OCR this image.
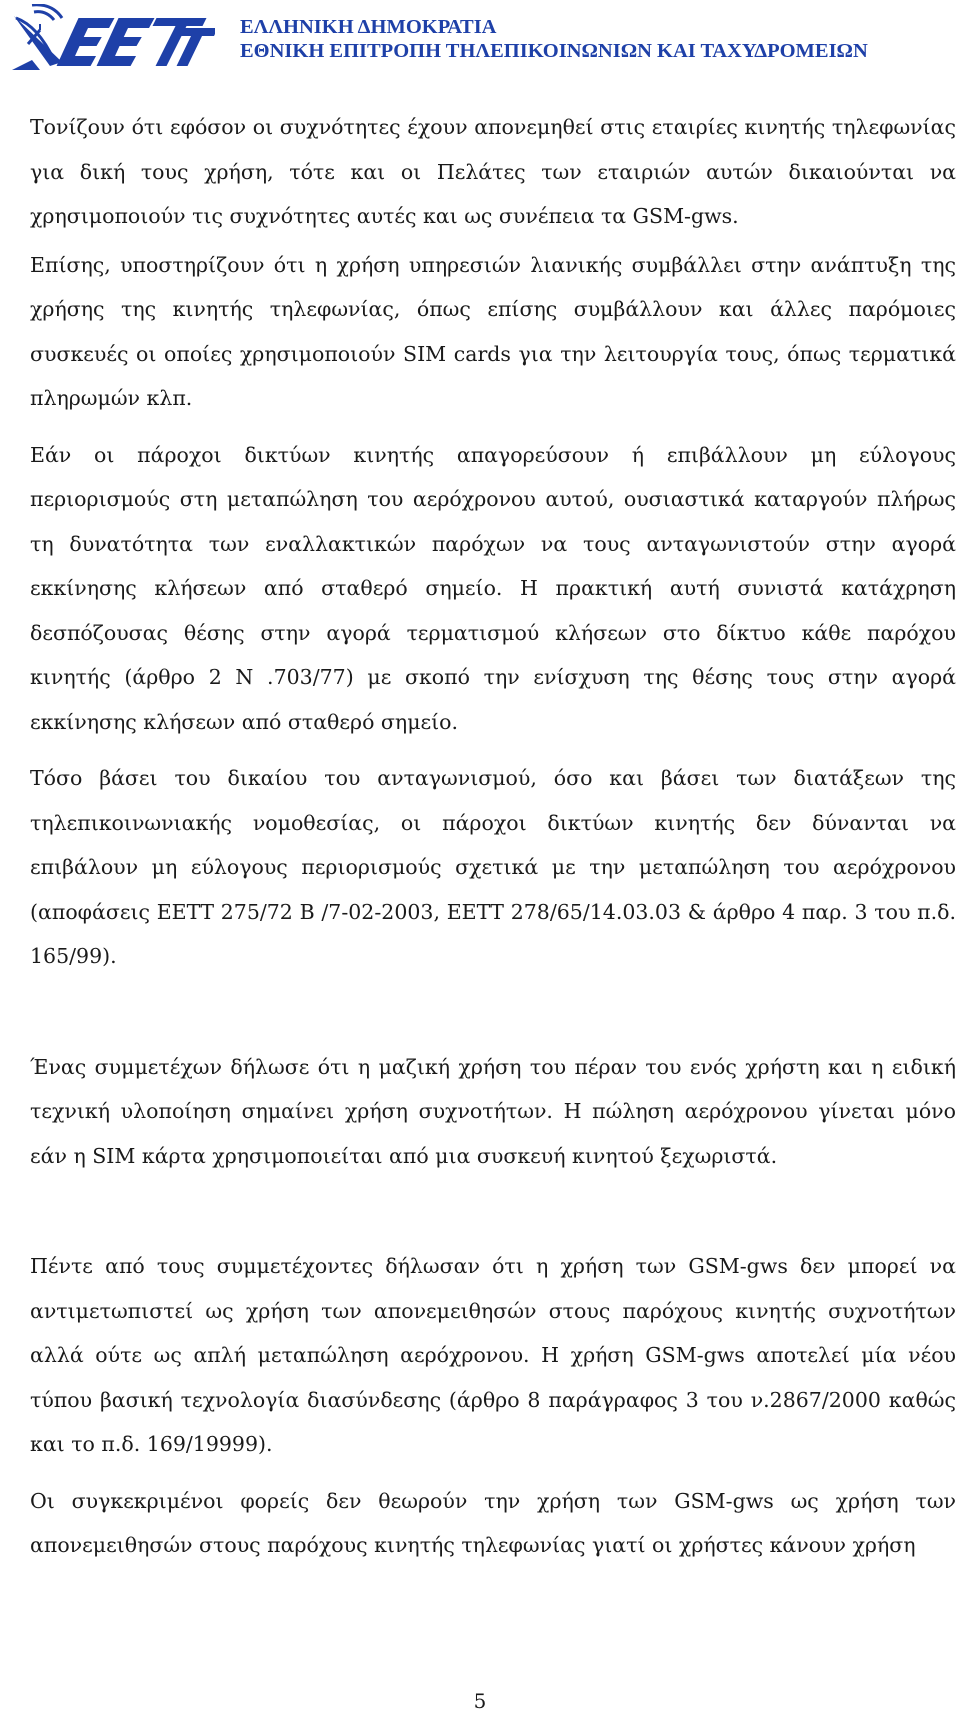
ΕΛΛΗΝΙΚΗ ΔΗΜΟΚΡΑΤΙΑ
ΕΘΝΙΚΗ ΕΠΙΤΡΟΠΗ ΤΗΛΕΠΙΚΟΙΝΩΝΙΩΝ ΚΑΙ ΤΑΧΥΔΡΟΜΕΙΩΝ

Τονίζουν ότι εφόσον οι συχνότητες έχουν απονεμηθεί στις εταιρίες κινητής τηλεφωνίας για δική τους χρήση, τότε και οι Πελάτες των εταιριών αυτών δικαιούνται να χρησιμοποιούν τις συχνότητες αυτές και ως συνέπεια τα GSM-gws.

Επίσης, υποστηρίζουν ότι η χρήση υπηρεσιών λιανικής συμβάλλει στην ανάπτυξη της χρήσης της κινητής τηλεφωνίας, όπως επίσης συμβάλλουν και άλλες παρόμοιες συσκευές οι οποίες χρησιμοποιούν SIM cards για την λειτουργία τους, όπως τερματικά πληρωμών κλπ.

Εάν οι πάροχοι δικτύων κινητής απαγορεύσουν ή επιβάλλουν μη εύλογους περιορισμούς στη μεταπώληση του αερόχρονου αυτού, ουσιαστικά καταργούν πλήρως τη δυνατότητα των εναλλακτικών παρόχων να τους ανταγωνιστούν στην αγορά εκκίνησης κλήσεων από σταθερό σημείο. Η πρακτική αυτή συνιστά κατάχρηση δεσπόζουσας θέσης στην αγορά τερματισμού κλήσεων στο δίκτυο κάθε παρόχου κινητής (άρθρο 2 Ν .703/77) με σκοπό την ενίσχυση της θέσης τους στην αγορά εκκίνησης κλήσεων από σταθερό σημείο.

Τόσο βάσει του δικαίου του ανταγωνισμού, όσο και βάσει των διατάξεων της τηλεπικοινωνιακής νομοθεσίας, οι πάροχοι δικτύων κινητής δεν δύνανται να επιβάλουν μη εύλογους περιορισμούς σχετικά με την μεταπώληση του αερόχρονου (αποφάσεις ΕΕΤΤ 275/72 Β /7-02-2003, ΕΕΤΤ 278/65/14.03.03 & άρθρο 4 παρ. 3 του π.δ. 165/99).

Ένας συμμετέχων δήλωσε ότι η μαζική χρήση του πέραν του ενός χρήστη και η ειδική τεχνική υλοποίηση σημαίνει χρήση συχνοτήτων. Η πώληση αερόχρονου γίνεται μόνο εάν η SIM κάρτα χρησιμοποιείται από μια συσκευή κινητού ξεχωριστά.

Πέντε από τους συμμετέχοντες δήλωσαν ότι η χρήση των GSM-gws δεν μπορεί να αντιμετωπιστεί ως χρήση των απονεμειθησών στους παρόχους κινητής συχνοτήτων αλλά ούτε ως απλή μεταπώληση αερόχρονου. Η χρήση GSM-gws αποτελεί μία νέου τύπου βασική τεχνολογία διασύνδεσης (άρθρο 8 παράγραφος 3 του ν.2867/2000 καθώς και το π.δ. 169/19999).

Οι συγκεκριμένοι φορείς δεν θεωρούν την χρήση των GSM-gws ως χρήση των απονεμειθησών στους παρόχους κινητής τηλεφωνίας γιατί οι χρήστες κάνουν χρήση

5
